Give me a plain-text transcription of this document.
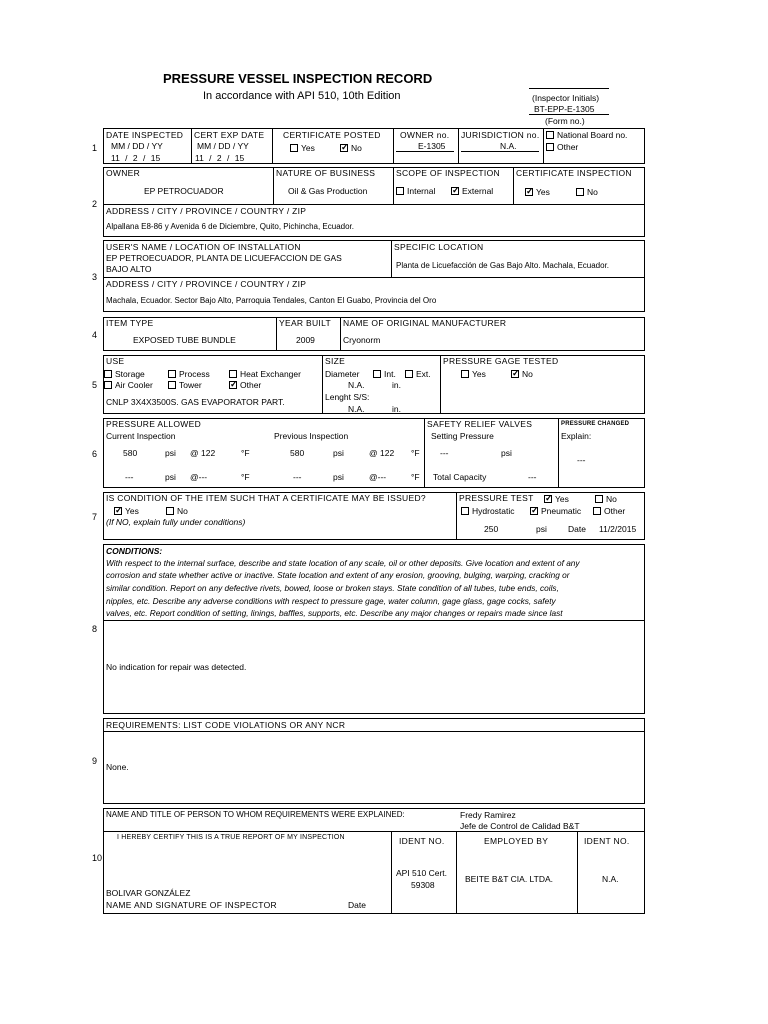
PRESSURE VESSEL INSPECTION RECORD
In accordance with API 510, 10th Edition	(Inspector Initials)
BT-EPP-E-1305
(Form no.)
1
2
3
4
5
6
7
8
9
10
DATE INSPECTED
MM / DD / YY
11 / 2 / 15
CERT EXP DATE
MM / DD / YY
11 / 2 / 15
CERTIFICATE POSTED
Yes ✓	No
OWNER no.
E-1305
JURISDICTION no.
N.A.
National Board no.
Other
OWNER
EP PETROCUADOR
NATURE OF BUSINESS
Oil & Gas Production
SCOPE OF INSPECTION
Internal ✓	External
CERTIFICATE INSPECTION
✓Yes	No
ADDRESS / CITY / PROVINCE / COUNTRY / ZIP
Alpallana E8-86 y Avenida 6 de Diciembre, Quito, Pichincha, Ecuador.
USER'S NAME / LOCATION OF INSTALLATION
EP PETROECUADOR, PLANTA DE LICUEFACCION DE GAS
BAJO ALTO
SPECIFIC LOCATION
Planta de Licuefacción de Gas Bajo Alto. Machala, Ecuador.
ADDRESS / CITY / PROVINCE / COUNTRY / ZIP
Machala, Ecuador. Sector Bajo Alto, Parroquia Tendales, Canton El Guabo, Provincia del Oro
ITEM TYPE
EXPOSED TUBE BUNDLE
YEAR BUILT
2009
NAME OF ORIGINAL MANUFACTURER
Cryonorm
USE
Storage	Process	Heat Exchanger
Air Cooler	Tower ✓	Other
CNLP 3X4X3500S. GAS EVAPORATOR PART.
SIZE
Diameter	Int.	Ext.
N.A.	in.
Lenght S/S:
N.A.	in.
PRESSURE GAGE TESTED
Yes ✓	No
PRESSURE ALLOWED
Current Inspection	Previous Inspection
580	psi @ 122	°F	580	psi	@ 122 °F
---	psi @---	°F	---	psi	@---	°F
SAFETY RELIEF VALVES
Setting Pressure
---	psi
Total Capacity	---
PRESSURE CHANGED
Explain:
---
IS CONDITION OF THE ITEM SUCH THAT A CERTIFICATE MAY BE ISSUED?
✓Yes	No
(If NO, explain fully under conditions)
PRESSURE TEST ✓	Yes	No
Hydrostatic ✓	Pneumatic	Other
250	psi Date 11/2/2015
CONDITIONS:
With respect to the internal surface, describe and state location of any scale, oil or other deposits. Give location and extent of any
corrosion and state whether active or inactive. State location and extent of any erosion, grooving, bulging, warping, cracking or
similar condition. Report on any defective rivets, bowed, loose or broken stays. State condition of all tubes, tube ends, coils,
nipples, etc. Describe any adverse conditions with respect to pressure gage, water column, gage glass, gage cocks, safety
valves, etc. Report condition of setting, linings, baffles, supports, etc. Describe any major changes or repairs made since last
No indication for repair was detected.
REQUIREMENTS: LIST CODE VIOLATIONS OR ANY NCR
None.
NAME AND TITLE OF PERSON TO WHOM REQUIREMENTS WERE EXPLAINED:	Fredy Ramirez
Jefe de Control de Calidad B&T
I HEREBY CERTIFY THIS IS A TRUE REPORT OF MY INSPECTION	IDENT NO.
API 510 Cert.
59308
EMPLOYED BY
BEITE B&T CIA. LTDA.
IDENT NO.
N.A.
BOLIVAR GONZÁLEZ
NAME AND SIGNATURE OF INSPECTOR	Date
